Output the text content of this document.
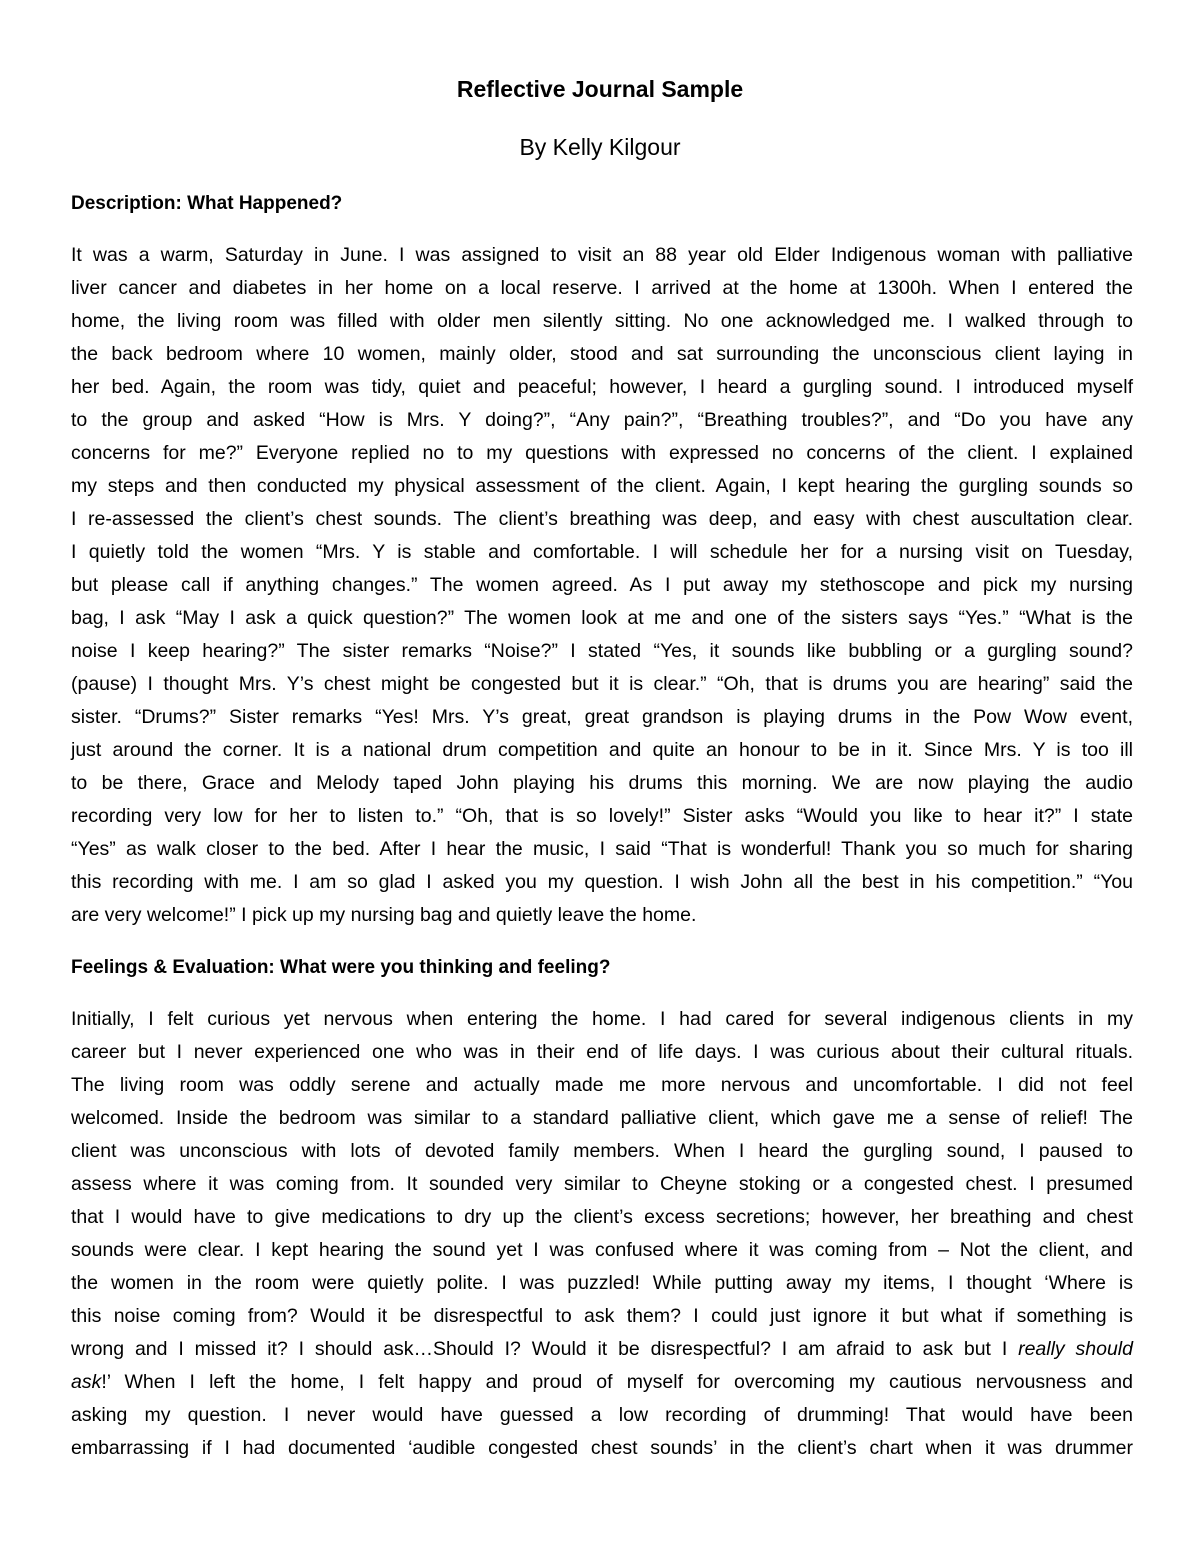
Reflective Journal Sample
By Kelly Kilgour
Description: What Happened?
It was a warm, Saturday in June. I was assigned to visit an 88 year old Elder Indigenous woman with palliative
liver cancer and diabetes in her home on a local reserve. I arrived at the home at 1300h. When I entered the
home, the living room was filled with older men silently sitting. No one acknowledged me. I walked through to
the back bedroom where 10 women, mainly older, stood and sat surrounding the unconscious client laying in
her bed. Again, the room was tidy, quiet and peaceful; however, I heard a gurgling sound. I introduced myself
to the group and asked “How is Mrs. Y doing?”, “Any pain?”, “Breathing troubles?”, and “Do you have any
concerns for me?” Everyone replied no to my questions with expressed no concerns of the client. I explained
my steps and then conducted my physical assessment of the client. Again, I kept hearing the gurgling sounds so
I re-assessed the client’s chest sounds. The client’s breathing was deep, and easy with chest auscultation clear.
I quietly told the women “Mrs. Y is stable and comfortable. I will schedule her for a nursing visit on Tuesday,
but please call if anything changes.” The women agreed. As I put away my stethoscope and pick my nursing
bag, I ask “May I ask a quick question?” The women look at me and one of the sisters says “Yes.” “What is the
noise I keep hearing?” The sister remarks “Noise?” I stated “Yes, it sounds like bubbling or a gurgling sound?
(pause) I thought Mrs. Y’s chest might be congested but it is clear.” “Oh, that is drums you are hearing” said the
sister. “Drums?” Sister remarks “Yes! Mrs. Y’s great, great grandson is playing drums in the Pow Wow event,
just around the corner. It is a national drum competition and quite an honour to be in it. Since Mrs. Y is too ill
to be there, Grace and Melody taped John playing his drums this morning. We are now playing the audio
recording very low for her to listen to.” “Oh, that is so lovely!” Sister asks “Would you like to hear it?” I state
“Yes” as walk closer to the bed. After I hear the music, I said “That is wonderful! Thank you so much for sharing
this recording with me. I am so glad I asked you my question. I wish John all the best in his competition.” “You
are very welcome!” I pick up my nursing bag and quietly leave the home.
Feelings & Evaluation: What were you thinking and feeling?
Initially, I felt curious yet nervous when entering the home. I had cared for several indigenous clients in my
career but I never experienced one who was in their end of life days. I was curious about their cultural rituals.
The living room was oddly serene and actually made me more nervous and uncomfortable. I did not feel
welcomed. Inside the bedroom was similar to a standard palliative client, which gave me a sense of relief! The
client was unconscious with lots of devoted family members. When I heard the gurgling sound, I paused to
assess where it was coming from. It sounded very similar to Cheyne stoking or a congested chest. I presumed
that I would have to give medications to dry up the client’s excess secretions; however, her breathing and chest
sounds were clear. I kept hearing the sound yet I was confused where it was coming from – Not the client, and
the women in the room were quietly polite. I was puzzled! While putting away my items, I thought ‘Where is
this noise coming from? Would it be disrespectful to ask them? I could just ignore it but what if something is
wrong and I missed it? I should ask…Should I? Would it be disrespectful? I am afraid to ask but I really should
ask!’ When I left the home, I felt happy and proud of myself for overcoming my cautious nervousness and
asking my question. I never would have guessed a low recording of drumming! That would have been
embarrassing if I had documented ‘audible congested chest sounds’ in the client’s chart when it was drummer
